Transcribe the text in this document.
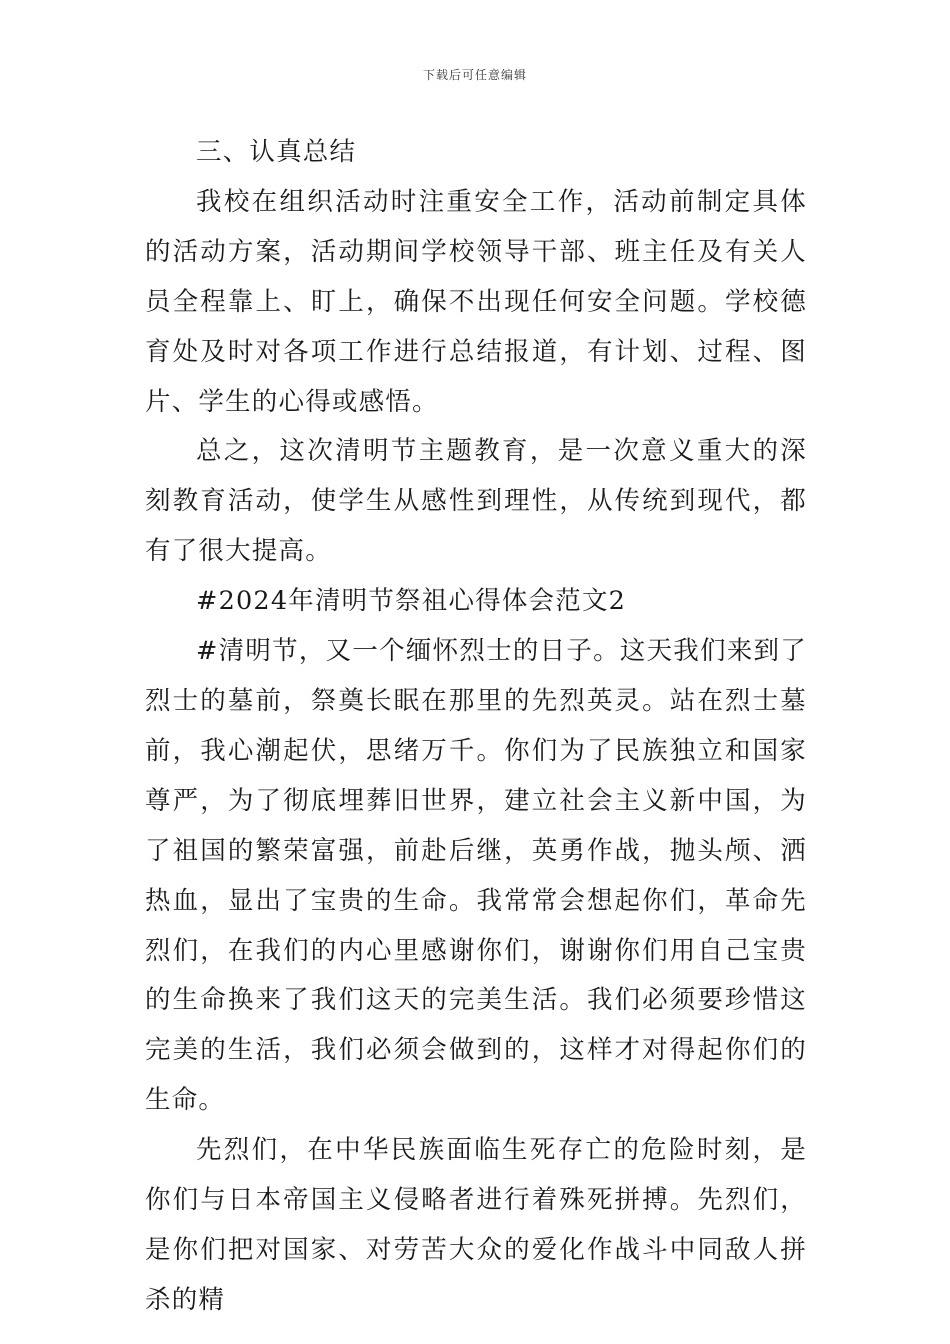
下载后可任意编辑

三、认真总结

我校在组织活动时注重安全工作，活动前制定具体的活动方案，活动期间学校领导干部、班主任及有关人员全程靠上、盯上，确保不出现任何安全问题。学校德育处及时对各项工作进行总结报道，有计划、过程、图片、学生的心得或感悟。

总之，这次清明节主题教育，是一次意义重大的深刻教育活动，使学生从感性到理性，从传统到现代，都有了很大提高。

#2024年清明节祭祖心得体会范文2

#清明节，又一个缅怀烈士的日子。这天我们来到了烈士的墓前，祭奠长眠在那里的先烈英灵。站在烈士墓前，我心潮起伏，思绪万千。你们为了民族独立和国家尊严，为了彻底埋葬旧世界，建立社会主义新中国，为了祖国的繁荣富强，前赴后继，英勇作战，抛头颅、洒热血，显出了宝贵的生命。我常常会想起你们，革命先烈们，在我们的内心里感谢你们，谢谢你们用自己宝贵的生命换来了我们这天的完美生活。我们必须要珍惜这完美的生活，我们必须会做到的，这样才对得起你们的生命。

先烈们，在中华民族面临生死存亡的危险时刻，是你们与日本帝国主义侵略者进行着殊死拼搏。先烈们，是你们把对国家、对劳苦大众的爱化作战斗中同敌人拼杀的精
